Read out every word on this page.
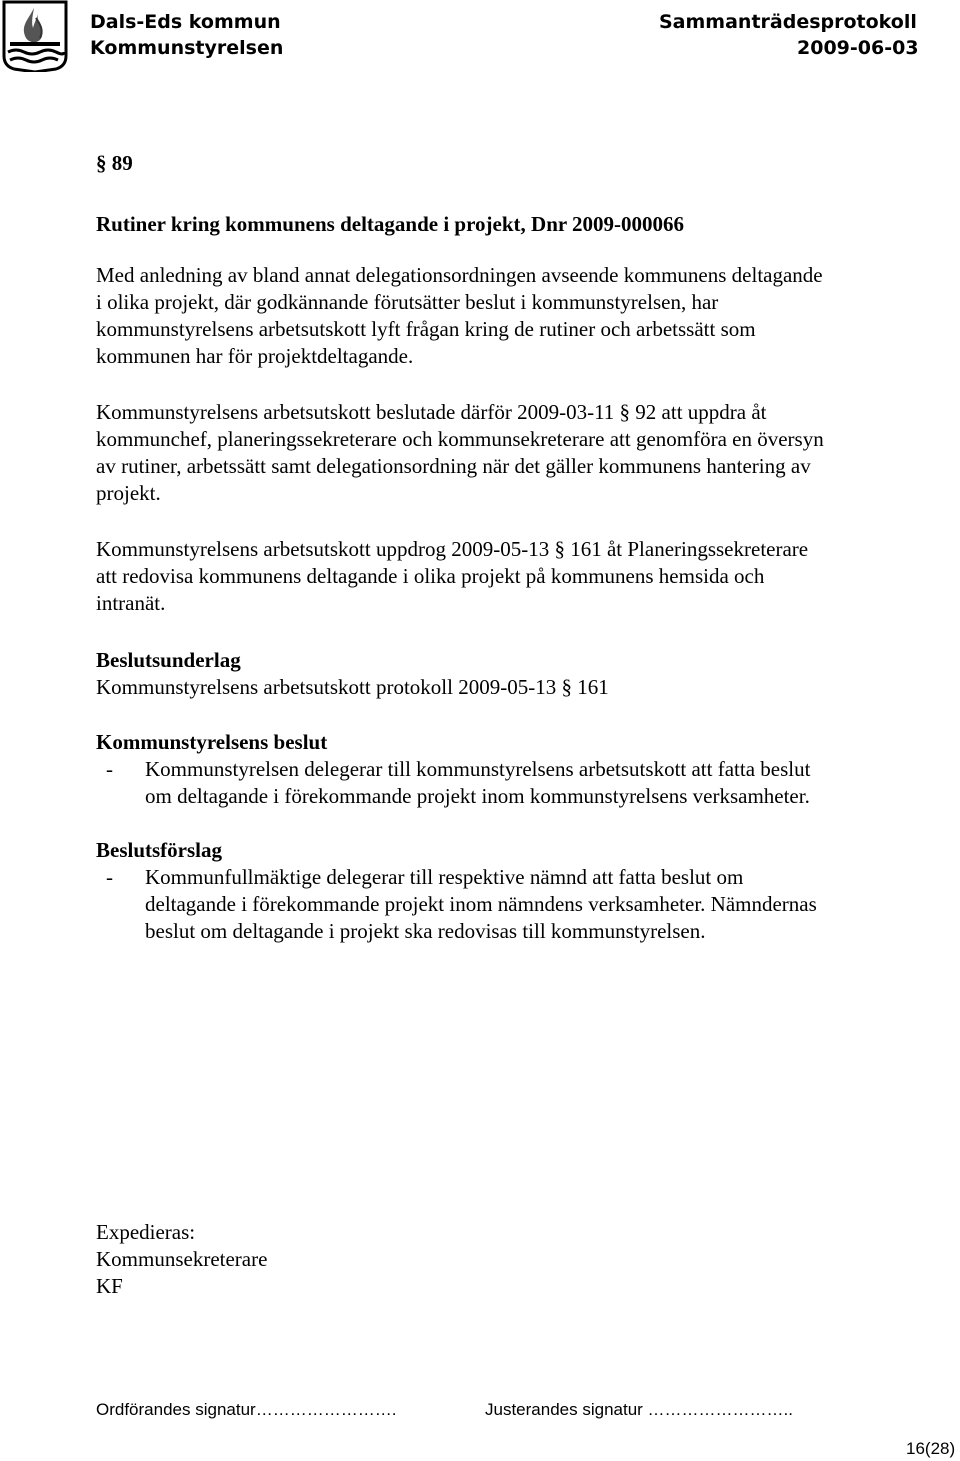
Dals-Eds kommun
Kommunstyrelsen
Sammanträdesprotokoll
2009-06-03
§ 89
Rutiner kring kommunens deltagande i projekt, Dnr 2009-000066
Med anledning av bland annat delegationsordningen avseende kommunens deltagande
i olika projekt, där godkännande förutsätter beslut i kommunstyrelsen, har
kommunstyrelsens arbetsutskott lyft frågan kring de rutiner och arbetssätt som
kommunen har för projektdeltagande.
Kommunstyrelsens arbetsutskott beslutade därför 2009-03-11 § 92 att uppdra åt
kommunchef, planeringssekreterare och kommunsekreterare att genomföra en översyn
av rutiner, arbetssätt samt delegationsordning när det gäller kommunens hantering av
projekt.
Kommunstyrelsens arbetsutskott uppdrog 2009-05-13 § 161 åt Planeringssekreterare
att redovisa kommunens deltagande i olika projekt på kommunens hemsida och
intranät.
Beslutsunderlag
Kommunstyrelsens arbetsutskott protokoll 2009-05-13 § 161
Kommunstyrelsens beslut
-	Kommunstyrelsen delegerar till kommunstyrelsens arbetsutskott att fatta beslut
om deltagande i förekommande projekt inom kommunstyrelsens verksamheter.
Beslutsförslag
-	Kommunfullmäktige delegerar till respektive nämnd att fatta beslut om
deltagande i förekommande projekt inom nämndens verksamheter. Nämndernas
beslut om deltagande i projekt ska redovisas till kommunstyrelsen.
Expedieras:
Kommunsekreterare
KF
Ordförandes signatur…………………….	Justerandes signatur ……………………..
16(28)
